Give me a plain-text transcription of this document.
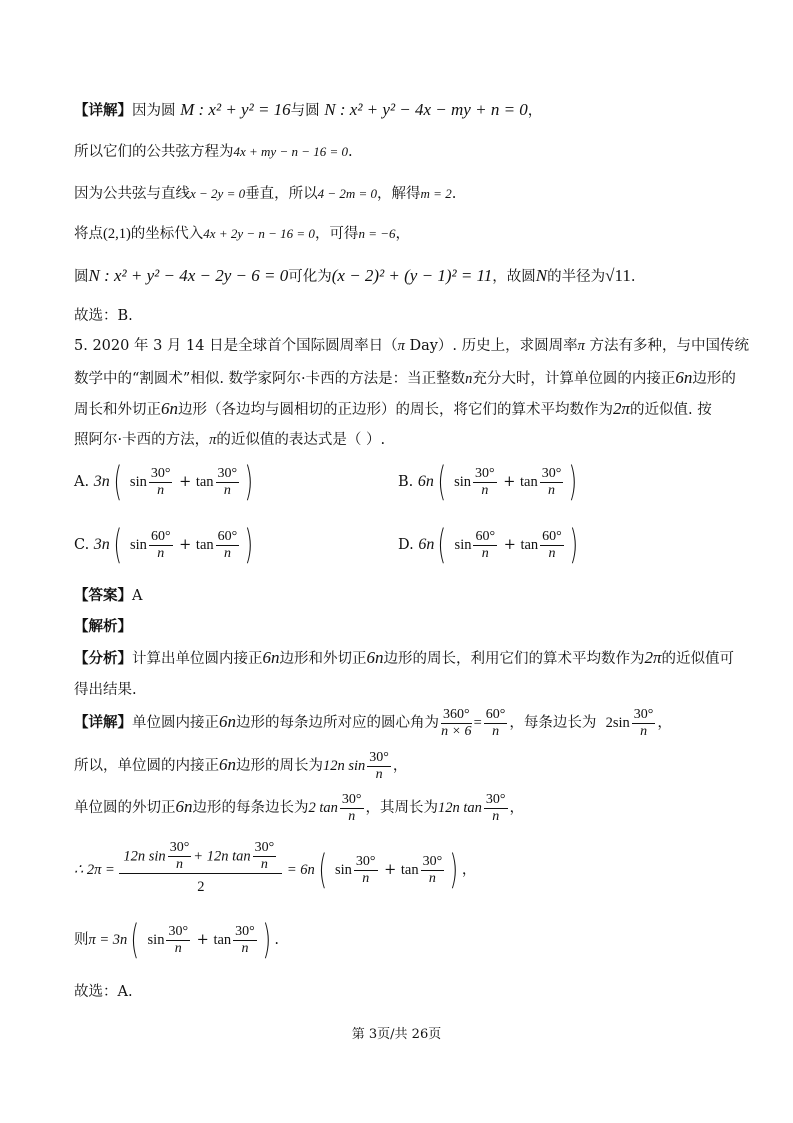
【详解】因为圆 M : x² + y² = 16与圆 N : x² + y² − 4x − my + n = 0，
所以它们的公共弦方程为4x + my − n − 16 = 0.
因为公共弦与直线x − 2y = 0垂直，所以4 − 2m = 0，解得m = 2.
将点(2,1)的坐标代入4x + 2y − n − 16 = 0，可得n = −6，
圆N : x² + y² − 4x − 2y − 6 = 0可化为(x − 2)² + (y − 1)² = 11，故圆N的半径为√11.
故选：B.
5. 2020 年 3 月 14 日是全球首个国际圆周率日（π Day）. 历史上，求圆周率π 方法有多种，与中国传统
数学中的“割圆术”相似. 数学家阿尔·卡西的方法是：当正整数n充分大时，计算单位圆的内接正6n边形的
周长和外切正6n边形（各边均与圆相切的正边形）的周长，将它们的算术平均数作为2π的近似值. 按
照阿尔·卡西的方法，π的近似值的表达式是（ ）.
A. 3n( $\sin \frac{30^\circ}{n} + \tan \frac{30^\circ}{n}$ )	B. 6n( $\sin \frac{30^\circ}{n} + \tan \frac{30^\circ}{n}$ )
C. 3n( $\sin \frac{60^\circ}{n} + \tan \frac{60^\circ}{n}$ )	D. 6n( $\sin \frac{60^\circ}{n} + \tan \frac{60^\circ}{n}$ )
【答案】A
【解析】
【分析】计算出单位圆内接正6n边形和外切正6n边形的周长，利用它们的算术平均数作为2π的近似值可
得出结果.
【详解】单位圆内接正6n边形的每条边所对应的圆心角为 $\frac{360^\circ}{n \times 6} = \frac{60^\circ}{n}$ ，每条边长为 $2\sin \frac{30^\circ}{n}$ ，
所以，单位圆的内接正6n边形的周长为12n $\sin \frac{30^\circ}{n}$ ，
单位圆的外切正6n边形的每条边长为2 $\tan \frac{30^\circ}{n}$ ，其周长为12n $\tan \frac{30^\circ}{n}$ ，
∴ $2\pi = \frac{12n \sin \frac{30^\circ}{n} + 12n \tan \frac{30^\circ}{n}}{2} = 6n$( $\sin \frac{30^\circ}{n} + \tan \frac{30^\circ}{n}$ ) ，
则π = 3n( $\sin \frac{30^\circ}{n} + \tan \frac{30^\circ}{n}$ ) .
故选：A.
第 3页/共 26页
